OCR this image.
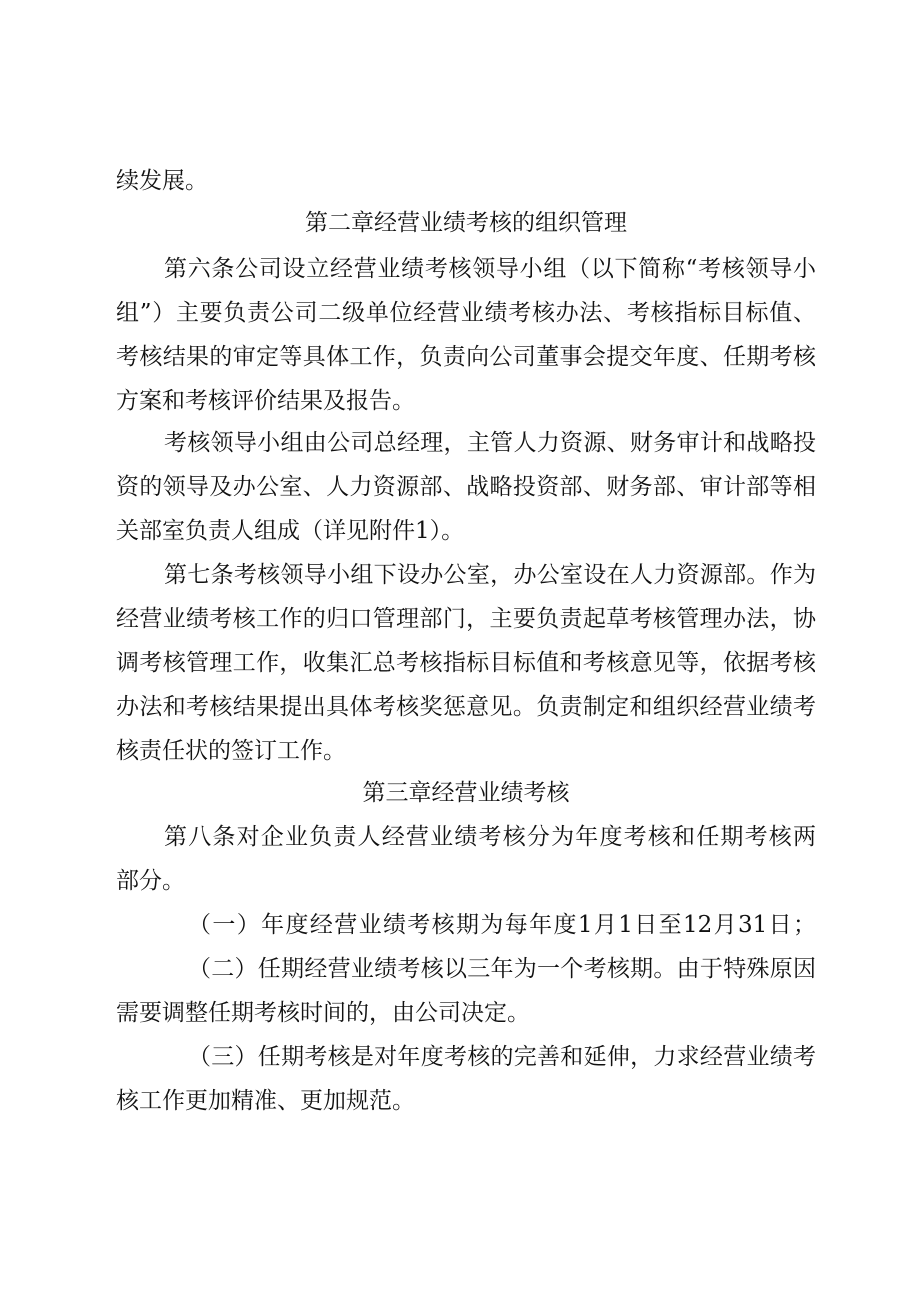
续发展。
第二章经营业绩考核的组织管理
第六条公司设立经营业绩考核领导小组（以下简称“考核领导小
组”）主要负责公司二级单位经营业绩考核办法、考核指标目标值、
考核结果的审定等具体工作，负责向公司董事会提交年度、任期考核
方案和考核评价结果及报告。
考核领导小组由公司总经理，主管人力资源、财务审计和战略投
资的领导及办公室、人力资源部、战略投资部、财务部、审计部等相
关部室负责人组成（详见附件1）。
第七条考核领导小组下设办公室，办公室设在人力资源部。作为
经营业绩考核工作的归口管理部门，主要负责起草考核管理办法，协
调考核管理工作，收集汇总考核指标目标值和考核意见等，依据考核
办法和考核结果提出具体考核奖惩意见。负责制定和组织经营业绩考
核责任状的签订工作。
第三章经营业绩考核
第八条对企业负责人经营业绩考核分为年度考核和任期考核两
部分。
（一）年度经营业绩考核期为每年度1月1日至12月31日；
（二）任期经营业绩考核以三年为一个考核期。由于特殊原因
需要调整任期考核时间的，由公司决定。
（三）任期考核是对年度考核的完善和延伸，力求经营业绩考
核工作更加精准、更加规范。
